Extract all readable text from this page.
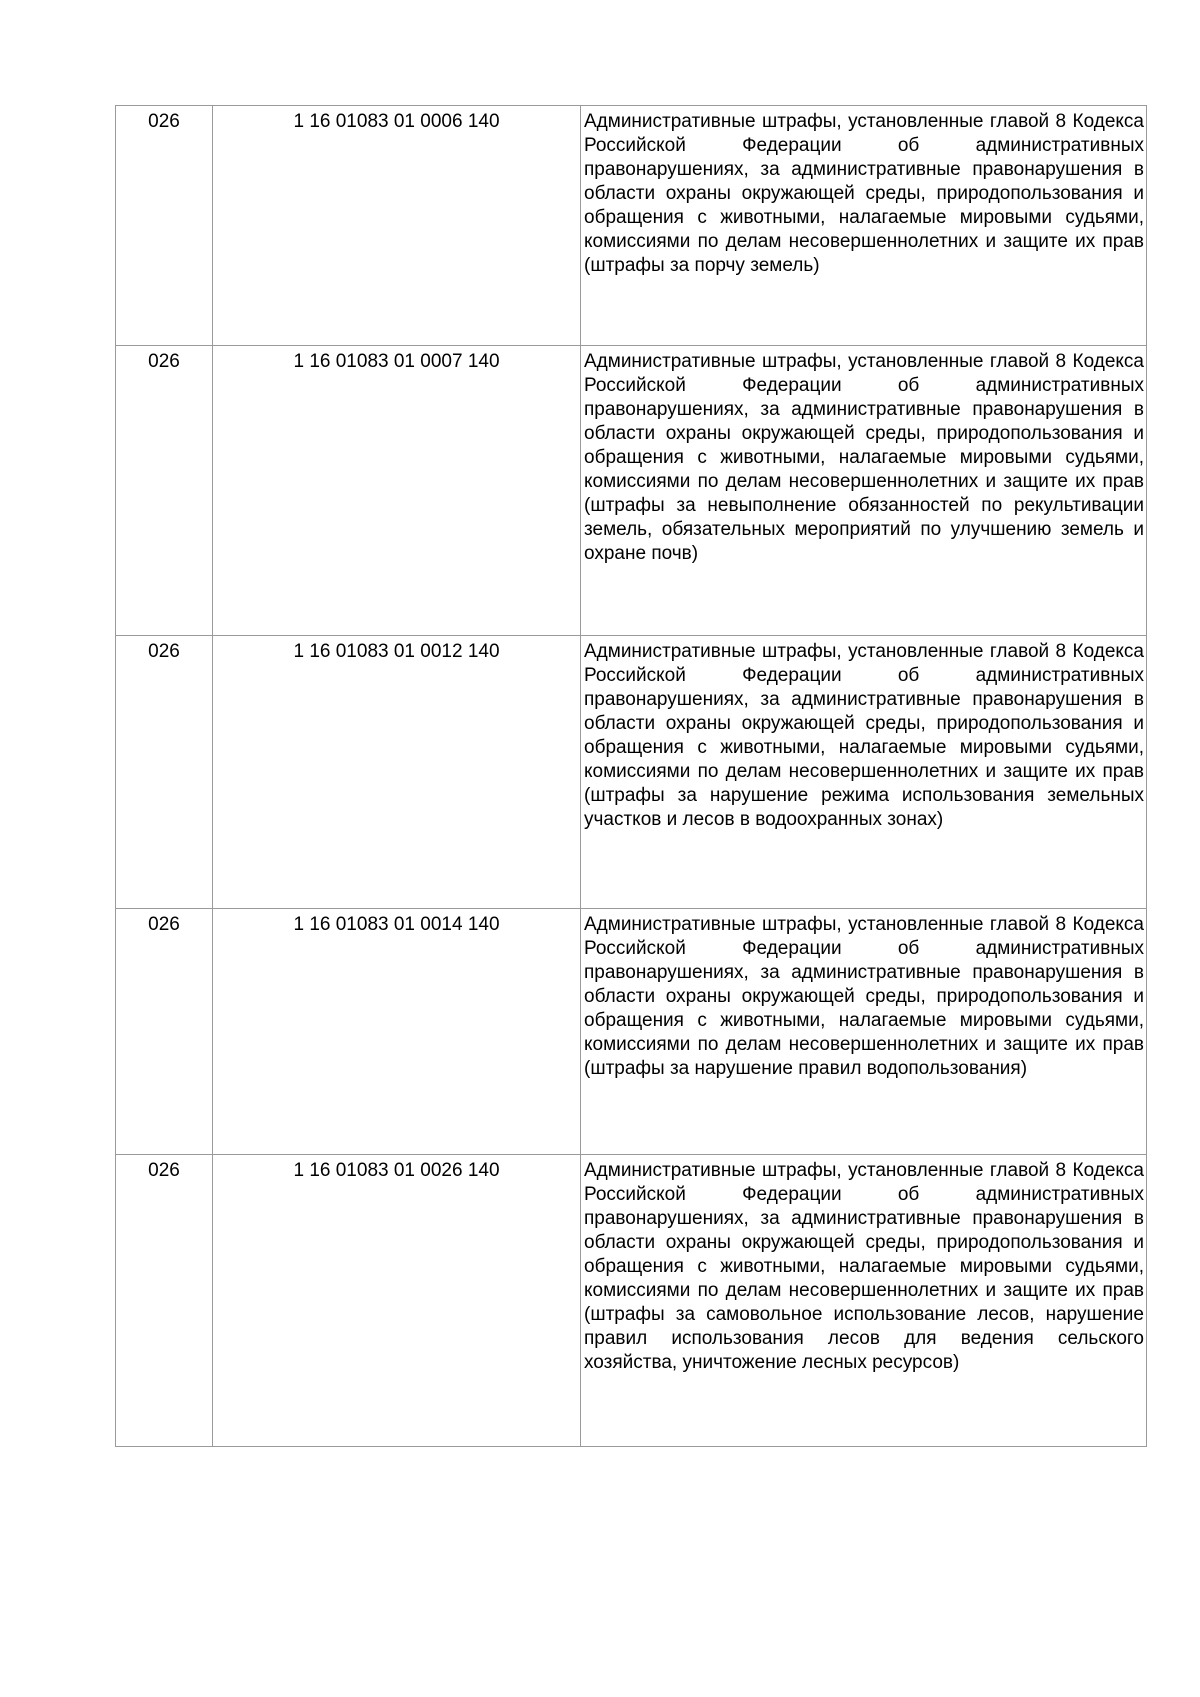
026	1 16 01083 01 0006 140	Административные штрафы, установленные главой 8 Кодекса Российской Федерации об административных правонарушениях, за административные правонарушения в области охраны окружающей среды, природопользования и обращения с животными, налагаемые мировыми судьями, комиссиями по делам несовершеннолетних и защите их прав (штрафы за порчу земель)
026	1 16 01083 01 0007 140	Административные штрафы, установленные главой 8 Кодекса Российской Федерации об административных правонарушениях, за административные правонарушения в области охраны окружающей среды, природопользования и обращения с животными, налагаемые мировыми судьями, комиссиями по делам несовершеннолетних и защите их прав (штрафы за невыполнение обязанностей по рекультивации земель, обязательных мероприятий по улучшению земель и охране почв)
026	1 16 01083 01 0012 140	Административные штрафы, установленные главой 8 Кодекса Российской Федерации об административных правонарушениях, за административные правонарушения в области охраны окружающей среды, природопользования и обращения с животными, налагаемые мировыми судьями, комиссиями по делам несовершеннолетних и защите их прав (штрафы за нарушение режима использования земельных участков и лесов в водоохранных зонах)
026	1 16 01083 01 0014 140	Административные штрафы, установленные главой 8 Кодекса Российской Федерации об административных правонарушениях, за административные правонарушения в области охраны окружающей среды, природопользования и обращения с животными, налагаемые мировыми судьями, комиссиями по делам несовершеннолетних и защите их прав (штрафы за нарушение правил водопользования)
026	1 16 01083 01 0026 140	Административные штрафы, установленные главой 8 Кодекса Российской Федерации об административных правонарушениях, за административные правонарушения в области охраны окружающей среды, природопользования и обращения с животными, налагаемые мировыми судьями, комиссиями по делам несовершеннолетних и защите их прав (штрафы за самовольное использование лесов, нарушение правил использования лесов для ведения сельского хозяйства, уничтожение лесных ресурсов)
